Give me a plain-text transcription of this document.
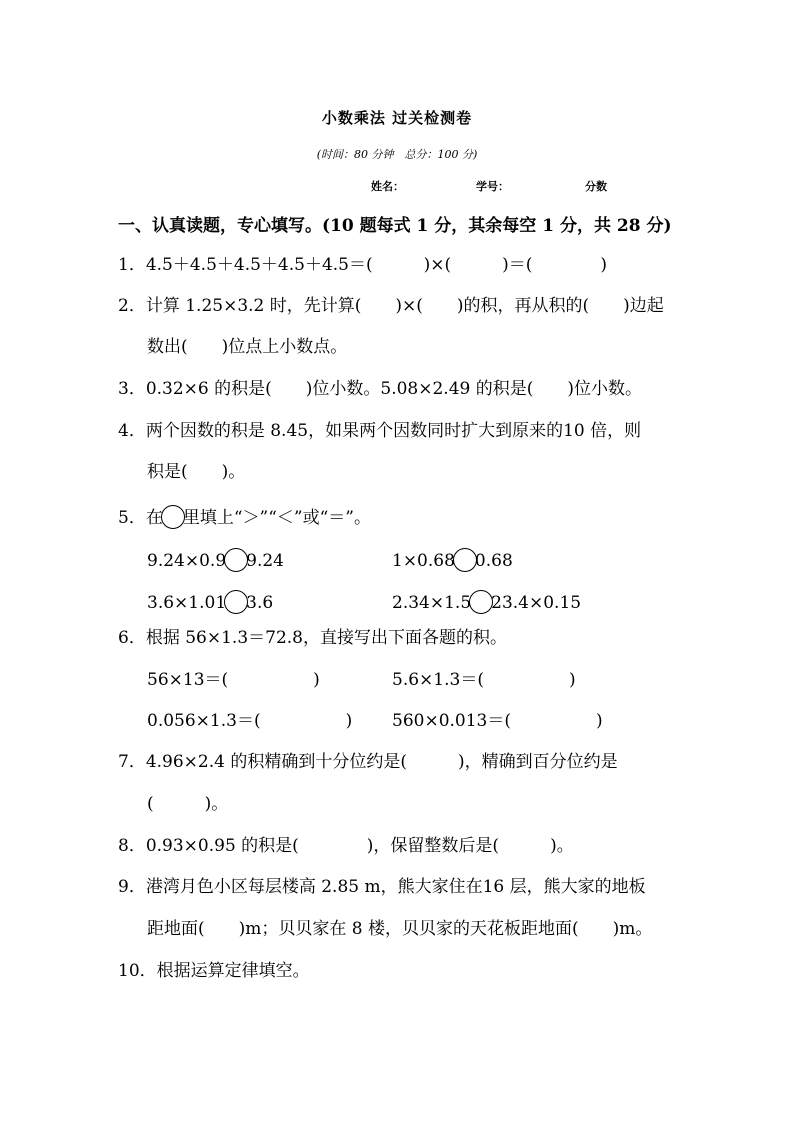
小数乘法 过关检测卷
(时间：80 分钟　总分：100 分)
姓名：	学号：	分数
一、认真读题，专心填写。(10 题每式 1 分，其余每空 1 分，共 28 分)
1．4.5＋4.5＋4.5＋4.5＋4.5＝(　　　)×(　　　)＝(　　　　)
2．计算 1.25×3.2 时，先计算(　　)×(　　)的积，再从积的(　　)边起
数出(　　)位点上小数点。
3．0.32×6 的积是(　　)位小数。5.08×2.49 的积是(　　)位小数。
4．两个因数的积是 8.45，如果两个因数同时扩大到原来的10 倍，则
积是(　　)。
5．在 里填上“＞”“＜”或“＝”。
9.24×0.9 9.24	1×0.68 0.68
3.6×1.01 3.6	2.34×1.5 23.4×0.15
6．根据 56×1.3＝72.8，直接写出下面各题的积。
56×13＝(　　　　　)	5.6×1.3＝(　　　　　)
0.056×1.3＝(　　　　　) 560×0.013＝(　　　　　)
7．4.96×2.4 的积精确到十分位约是(　　　)，精确到百分位约是
(　　　)。
8．0.93×0.95 的积是(　　　　)，保留整数后是(　　　)。
9．港湾月色小区每层楼高 2.85 m，熊大家住在16 层，熊大家的地板
距地面(　　)m；贝贝家在 8 楼，贝贝家的天花板距地面(　　)m。
10．根据运算定律填空。
